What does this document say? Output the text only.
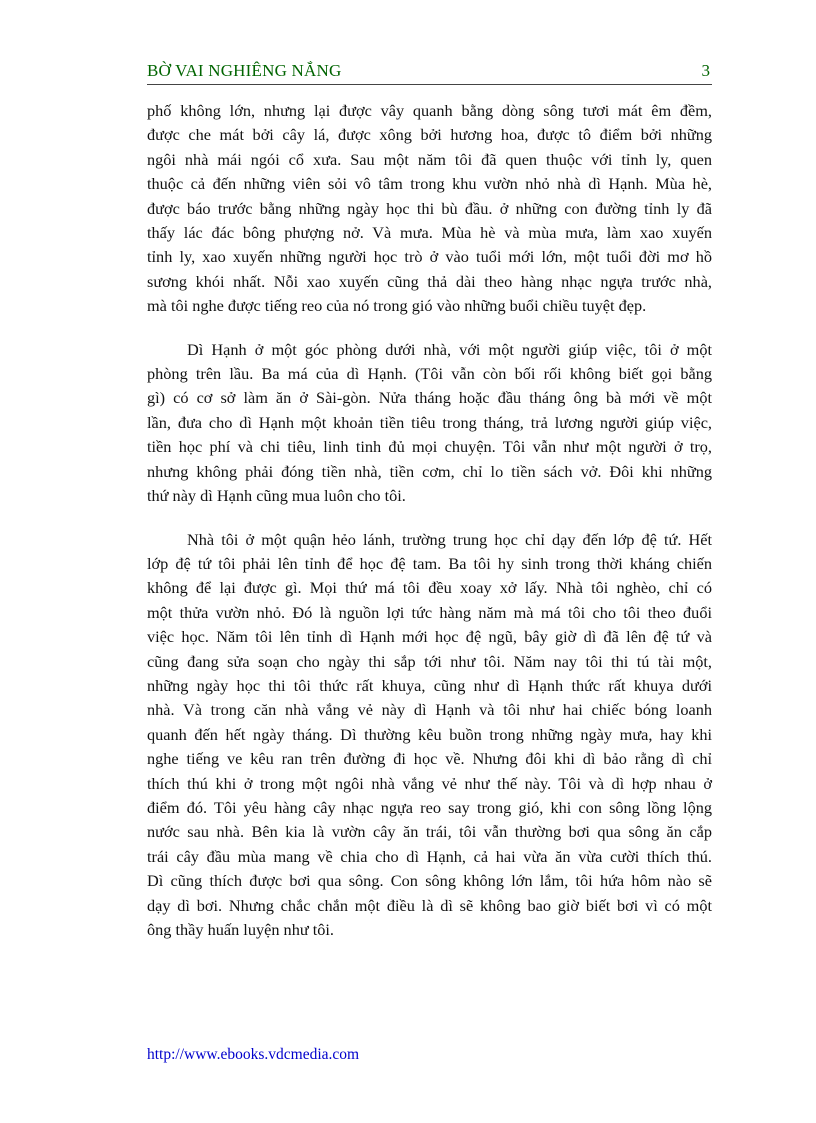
BỜ VAI NGHIÊNG NẮNG	3

phố không lớn, nhưng lại được vây quanh bằng dòng sông tươi mát êm đềm,
được che mát bởi cây lá, được xông bởi hương hoa, được tô điểm bởi những
ngôi nhà mái ngói cổ xưa. Sau một năm tôi đã quen thuộc với tỉnh ly, quen
thuộc cả đến những viên sỏi vô tâm trong khu vườn nhỏ nhà dì Hạnh. Mùa hè,
được báo trước bằng những ngày học thi bù đầu. ở những con đường tỉnh ly đã
thấy lác đác bông phượng nở. Và mưa. Mùa hè và mùa mưa, làm xao xuyến
tỉnh ly, xao xuyến những người học trò ở vào tuổi mới lớn, một tuổi đời mơ hồ
sương khói nhất. Nỗi xao xuyến cũng thả dài theo hàng nhạc ngựa trước nhà,
mà tôi nghe được tiếng reo của nó trong gió vào những buổi chiều tuyệt đẹp.

Dì Hạnh ở một góc phòng dưới nhà, với một người giúp việc, tôi ở một
phòng trên lầu. Ba má của dì Hạnh. (Tôi vẫn còn bối rối không biết gọi bằng
gì) có cơ sở làm ăn ở Sài-gòn. Nửa tháng hoặc đầu tháng ông bà mới về một
lần, đưa cho dì Hạnh một khoản tiền tiêu trong tháng, trả lương người giúp việc,
tiền học phí và chi tiêu, linh tinh đủ mọi chuyện. Tôi vẫn như một người ở trọ,
nhưng không phải đóng tiền nhà, tiền cơm, chỉ lo tiền sách vở. Đôi khi những
thứ này dì Hạnh cũng mua luôn cho tôi.

Nhà tôi ở một quận hẻo lánh, trường trung học chỉ dạy đến lớp đệ tứ. Hết
lớp đệ tứ tôi phải lên tỉnh để học đệ tam. Ba tôi hy sinh trong thời kháng chiến
không để lại được gì. Mọi thứ má tôi đều xoay xở lấy. Nhà tôi nghèo, chỉ có
một thửa vườn nhỏ. Đó là nguồn lợi tức hàng năm mà má tôi cho tôi theo đuổi
việc học. Năm tôi lên tỉnh dì Hạnh mới học đệ ngũ, bây giờ dì đã lên đệ tứ và
cũng đang sửa soạn cho ngày thi sắp tới như tôi. Năm nay tôi thi tú tài một,
những ngày học thi tôi thức rất khuya, cũng như dì Hạnh thức rất khuya dưới
nhà. Và trong căn nhà vắng vẻ này dì Hạnh và tôi như hai chiếc bóng loanh
quanh đến hết ngày tháng. Dì thường kêu buồn trong những ngày mưa, hay khi
nghe tiếng ve kêu ran trên đường đi học về. Nhưng đôi khi dì bảo rằng dì chỉ
thích thú khi ở trong một ngôi nhà vắng vẻ như thế này. Tôi và dì hợp nhau ở
điểm đó. Tôi yêu hàng cây nhạc ngựa reo say trong gió, khi con sông lồng lộng
nước sau nhà. Bên kia là vườn cây ăn trái, tôi vẫn thường bơi qua sông ăn cắp
trái cây đầu mùa mang về chia cho dì Hạnh, cả hai vừa ăn vừa cười thích thú.
Dì cũng thích được bơi qua sông. Con sông không lớn lắm, tôi hứa hôm nào sẽ
dạy dì bơi. Nhưng chắc chắn một điều là dì sẽ không bao giờ biết bơi vì có một
ông thầy huấn luyện như tôi.

http://www.ebooks.vdcmedia.com
